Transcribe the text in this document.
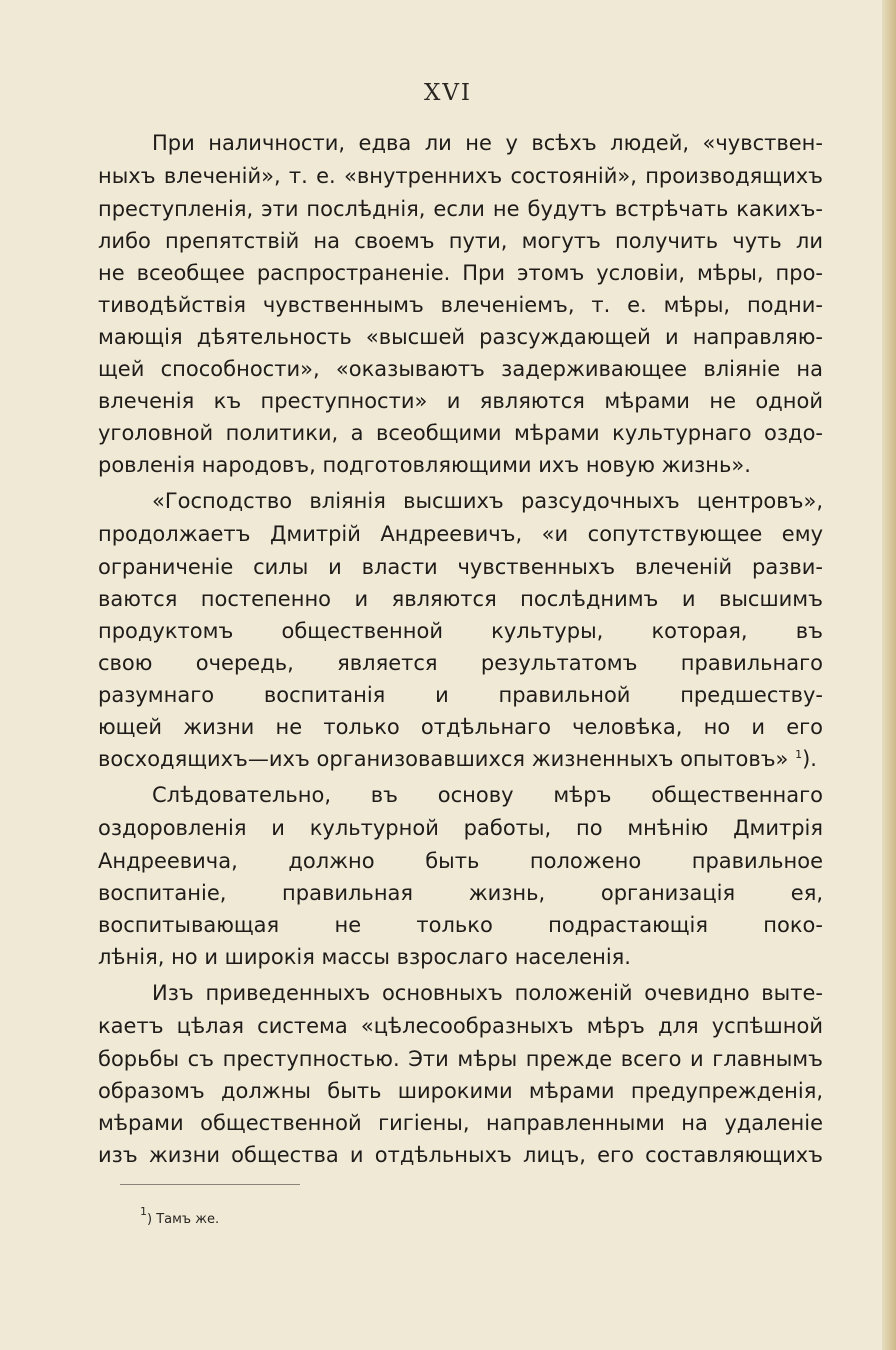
XVI
При наличности, едва ли не у всѣхъ людей, «чувствен-
ныхъ влеченій», т. е. «внутреннихъ состояній», производящихъ
преступленія, эти послѣднія, если не будутъ встрѣчать какихъ-
либо препятствій на своемъ пути, могутъ получить чуть ли
не всеобщее распространеніе. При этомъ условіи, мѣры, про-
тиводѣйствія чувственнымъ влеченіемъ, т. е. мѣры, подни-
мающія дѣятельность «высшей разсуждающей и направляю-
щей способности», «оказываютъ задерживающее вліяніе на
влеченія къ преступности» и являются мѣрами не одной
уголовной политики, а всеобщими мѣрами культурнаго оздо-
ровленія народовъ, подготовляющими ихъ новую жизнь».
«Господство вліянія высшихъ разсудочныхъ центровъ»,
продолжаетъ Дмитрій Андреевичъ, «и сопутствующее ему
ограниченіе силы и власти чувственныхъ влеченій разви-
ваются постепенно и являются послѣднимъ и высшимъ
продуктомъ общественной культуры, которая, въ
свою очередь, является результатомъ правильнаго
разумнаго воспитанія и правильной предшеству-
ющей жизни не только отдѣльнаго человѣка, но и его
восходящихъ—ихъ организовавшихся жизненныхъ опытовъ» $^1$).
Слѣдовательно, въ основу мѣръ общественнаго
оздоровленія и культурной работы, по мнѣнію Дмитрія
Андреевича, должно быть положено правильное
воспитаніе, правильная жизнь, организація ея,
воспитывающая не только подрастающія поко-
лѣнія, но и широкія массы взрослаго населенія.
Изъ приведенныхъ основныхъ положеній очевидно выте-
каетъ цѣлая система «цѣлесообразныхъ мѣръ для успѣшной
борьбы съ преступностью. Эти мѣры прежде всего и главнымъ
образомъ должны быть широкими мѣрами предупрежденія,
мѣрами общественной гигіены, направленными на удаленіе
изъ жизни общества и отдѣльныхъ лицъ, его составляющихъ
$^1$) Тамъ же.
